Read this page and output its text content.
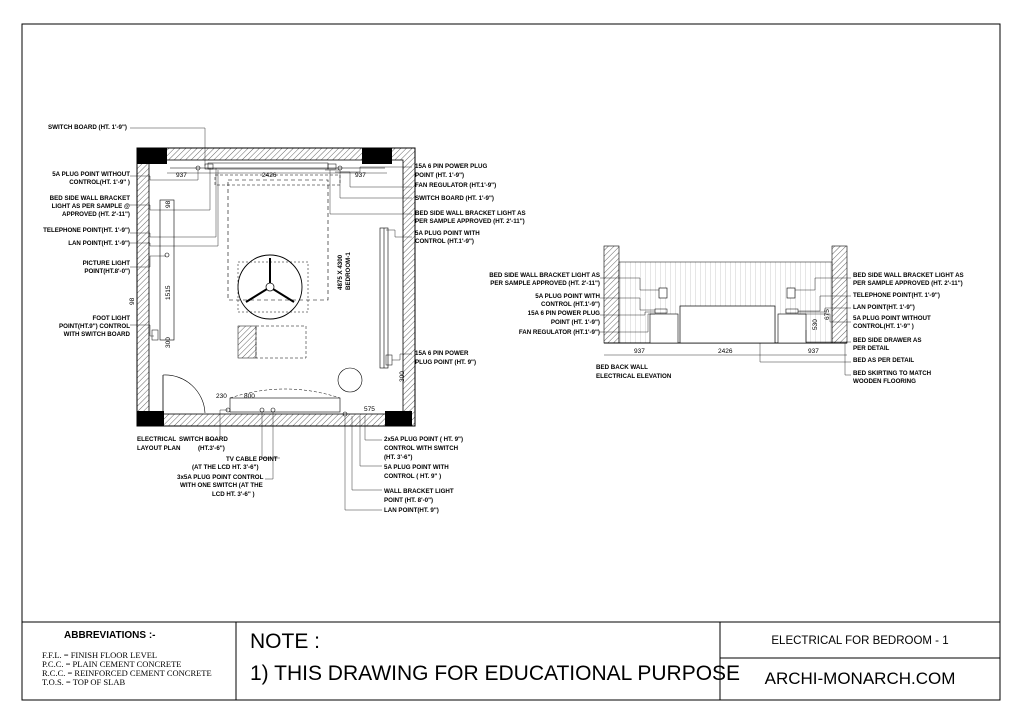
937	2426	937
98
1515
300
98
300
230	800
575
4875 X 4300 BEDROOM-1
ELECTRICAL
LAYOUT PLAN
SWITCH BOARD (HT. 1'-9")
5A PLUG POINT WITHOUT
CONTROL(HT. 1'-9" )
BED SIDE WALL BRACKET
LIGHT AS PER SAMPLE @
APPROVED (HT. 2'-11")
TELEPHONE POINT(HT. 1'-9")
LAN POINT(HT. 1'-9")
PICTURE LIGHT
POINT(HT.8'-0")
FOOT LIGHT
POINT(HT.9") CONTROL
WITH SWITCH BOARD
15A 6 PIN POWER PLUG
POINT (HT. 1'-9")
FAN REGULATOR (HT.1'-9")
SWITCH BOARD (HT. 1'-9")
BED SIDE WALL BRACKET LIGHT AS
PER SAMPLE APPROVED (HT. 2'-11")
5A PLUG POINT WITH
CONTROL (HT.1'-9")
15A 6 PIN POWER
PLUG POINT (HT. 9")
SWITCH BOARD
(HT.3'-6")
TV CABLE POINT
(AT THE LCD HT. 3'-6")
3x5A PLUG POINT CONTROL
WITH ONE SWITCH (AT THE
LCD HT. 3'-6" )
2x5A PLUG POINT ( HT. 9")
CONTROL WITH SWITCH
(HT. 3'-6")
5A PLUG POINT WITH
CONTROL ( HT. 9" )
WALL BRACKET LIGHT
POINT (HT. 8'-0")
LAN POINT(HT. 9")
937	2426	937
530
675
BED BACK WALL
ELECTRICAL ELEVATION
BED SIDE WALL BRACKET LIGHT AS
PER SAMPLE APPROVED (HT. 2'-11")
5A PLUG POINT WITH
CONTROL (HT.1'-9")
15A 6 PIN POWER PLUG
POINT (HT. 1'-9")
FAN REGULATOR (HT.1'-9")
BED SIDE WALL BRACKET LIGHT AS
PER SAMPLE APPROVED (HT. 2'-11")
TELEPHONE POINT(HT. 1'-9")
LAN POINT(HT. 1'-9")
5A PLUG POINT WITHOUT
CONTROL(HT. 1'-9" )
BED SIDE DRAWER AS
PER DETAIL
BED AS PER DETAIL
BED SKIRTING TO MATCH
WOODEN FLOORING
ABBREVIATIONS :-
F.F.L. = FINISH FLOOR LEVEL
P.C.C. = PLAIN CEMENT CONCRETE
R.C.C. = REINFORCED CEMENT CONCRETE
T.O.S. = TOP OF SLAB
NOTE :
1) THIS DRAWING FOR EDUCATIONAL PURPOSE
ELECTRICAL FOR BEDROOM - 1
ARCHI-MONARCH.COM
